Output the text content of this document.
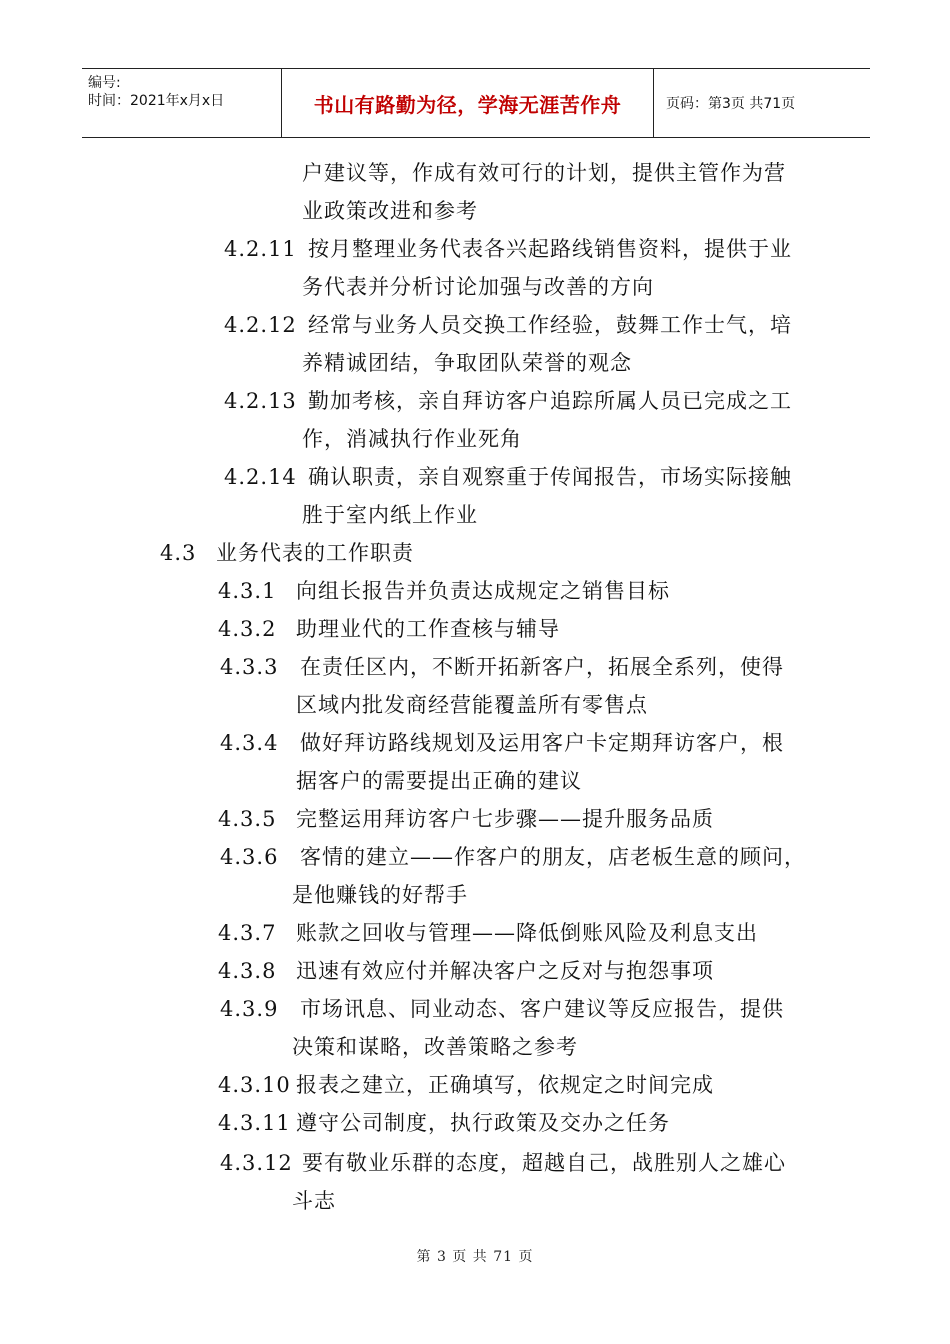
编号:
时间：2021年x月x日	书山有路勤为径，学海无涯苦作舟	页码：第3页 共71页
户建议等，作成有效可行的计划，提供主管作为营
业政策改进和参考
4.2.11 按月整理业务代表各兴起路线销售资料，提供于业
务代表并分析讨论加强与改善的方向
4.2.12 经常与业务人员交换工作经验，鼓舞工作士气，培
养精诚团结，争取团队荣誉的观念
4.2.13 勤加考核，亲自拜访客户追踪所属人员已完成之工
作，消减执行作业死角
4.2.14 确认职责，亲自观察重于传闻报告，市场实际接触
胜于室内纸上作业
4.3 业务代表的工作职责
4.3.1 向组长报告并负责达成规定之销售目标
4.3.2 助理业代的工作查核与辅导
4.3.3 在责任区内，不断开拓新客户，拓展全系列，使得
区域内批发商经营能覆盖所有零售点
4.3.4 做好拜访路线规划及运用客户卡定期拜访客户，根
据客户的需要提出正确的建议
4.3.5 完整运用拜访客户七步骤——提升服务品质
4.3.6 客情的建立——作客户的朋友，店老板生意的顾问，
是他赚钱的好帮手
4.3.7 账款之回收与管理——降低倒账风险及利息支出
4.3.8 迅速有效应付并解决客户之反对与抱怨事项
4.3.9 市场讯息、同业动态、客户建议等反应报告，提供
决策和谋略，改善策略之参考
4.3.10 报表之建立，正确填写，依规定之时间完成
4.3.11 遵守公司制度，执行政策及交办之任务
4.3.12 要有敬业乐群的态度，超越自己，战胜别人之雄心
斗志
第 3 页 共 71 页
